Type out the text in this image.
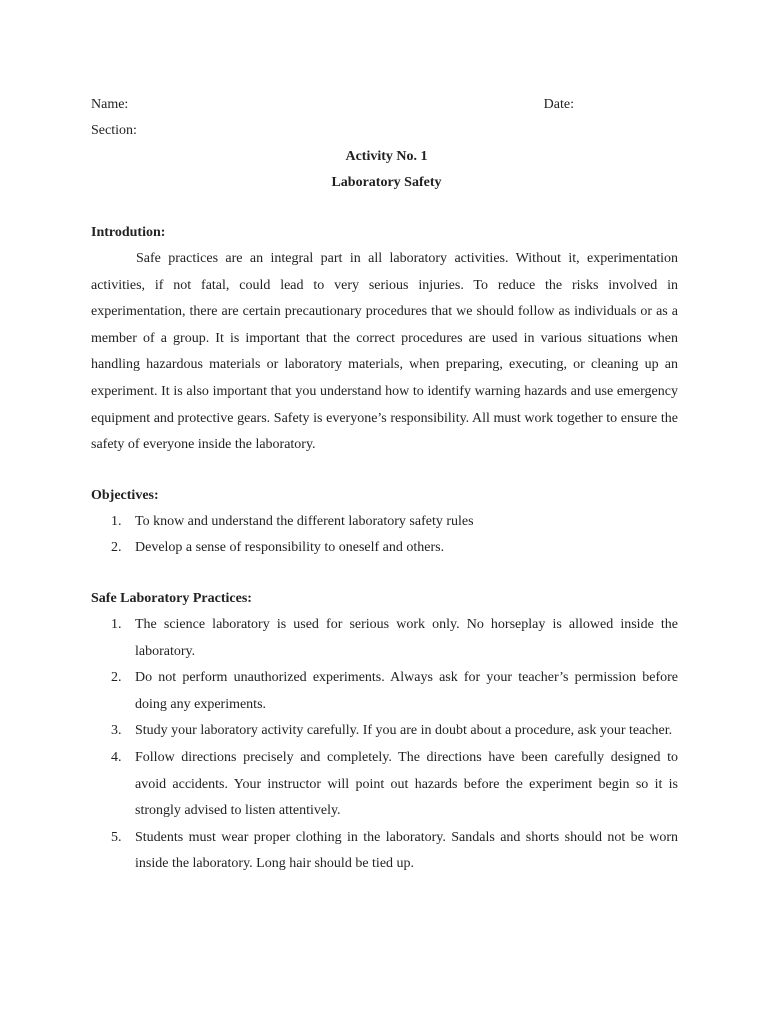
Name:	Date:
Section:
Activity No. 1
Laboratory Safety
Introdution:

Safe practices are an integral part in all laboratory activities. Without it, experimentation activities, if not fatal, could lead to very serious injuries. To reduce the risks involved in experimentation, there are certain precautionary procedures that we should follow as individuals or as a member of a group. It is important that the correct procedures are used in various situations when handling hazardous materials or laboratory materials, when preparing, executing, or cleaning up an experiment. It is also important that you understand how to identify warning hazards and use emergency equipment and protective gears. Safety is everyone’s responsibility. All must work together to ensure the safety of everyone inside the laboratory.

Objectives:
1. To know and understand the different laboratory safety rules
2. Develop a sense of responsibility to oneself and others.
Safe Laboratory Practices:
1. The science laboratory is used for serious work only. No horseplay is allowed inside the laboratory.
2. Do not perform unauthorized experiments. Always ask for your teacher’s permission before doing any experiments.
3. Study your laboratory activity carefully. If you are in doubt about a procedure, ask your teacher.
4. Follow directions precisely and completely. The directions have been carefully designed to avoid accidents. Your instructor will point out hazards before the experiment begin so it is strongly advised to listen attentively.
5. Students must wear proper clothing in the laboratory. Sandals and shorts should not be worn inside the laboratory. Long hair should be tied up.
